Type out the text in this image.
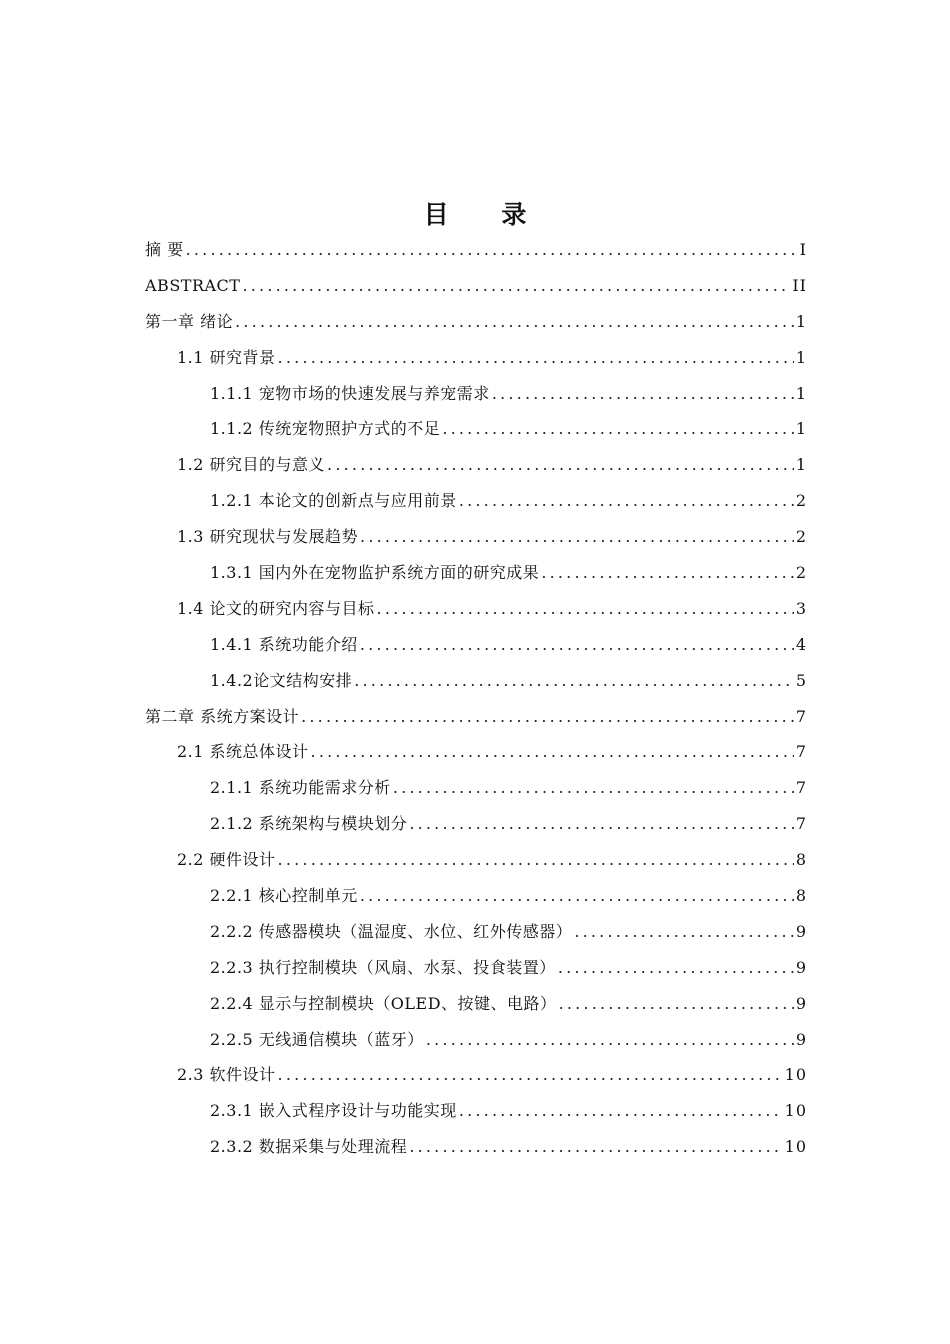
目 录
摘 要 .....	I
ABSTRACT .....	II
第一章 绪论 .....	1
1.1 研究背景 .....	1
1.1.1 宠物市场的快速发展与养宠需求 .....	1
1.1.2 传统宠物照护方式的不足 .....	1
1.2 研究目的与意义 .....	1
1.2.1 本论文的创新点与应用前景 .....	2
1.3 研究现状与发展趋势 .....	2
1.3.1 国内外在宠物监护系统方面的研究成果 .....	2
1.4 论文的研究内容与目标 .....	3
1.4.1 系统功能介绍 .....	4
1.4.2论文结构安排 .....	5
第二章 系统方案设计 .....	7
2.1 系统总体设计 .....	7
2.1.1 系统功能需求分析 .....	7
2.1.2 系统架构与模块划分 .....	7
2.2 硬件设计 .....	8
2.2.1 核心控制单元 .....	8
2.2.2 传感器模块（温湿度、水位、红外传感器） .....	9
2.2.3 执行控制模块（风扇、水泵、投食装置） .....	9
2.2.4 显示与控制模块（OLED、按键、电路） .....	9
2.2.5 无线通信模块（蓝牙） .....	9
2.3 软件设计 .....	10
2.3.1 嵌入式程序设计与功能实现 .....	10
2.3.2 数据采集与处理流程 .....	10
